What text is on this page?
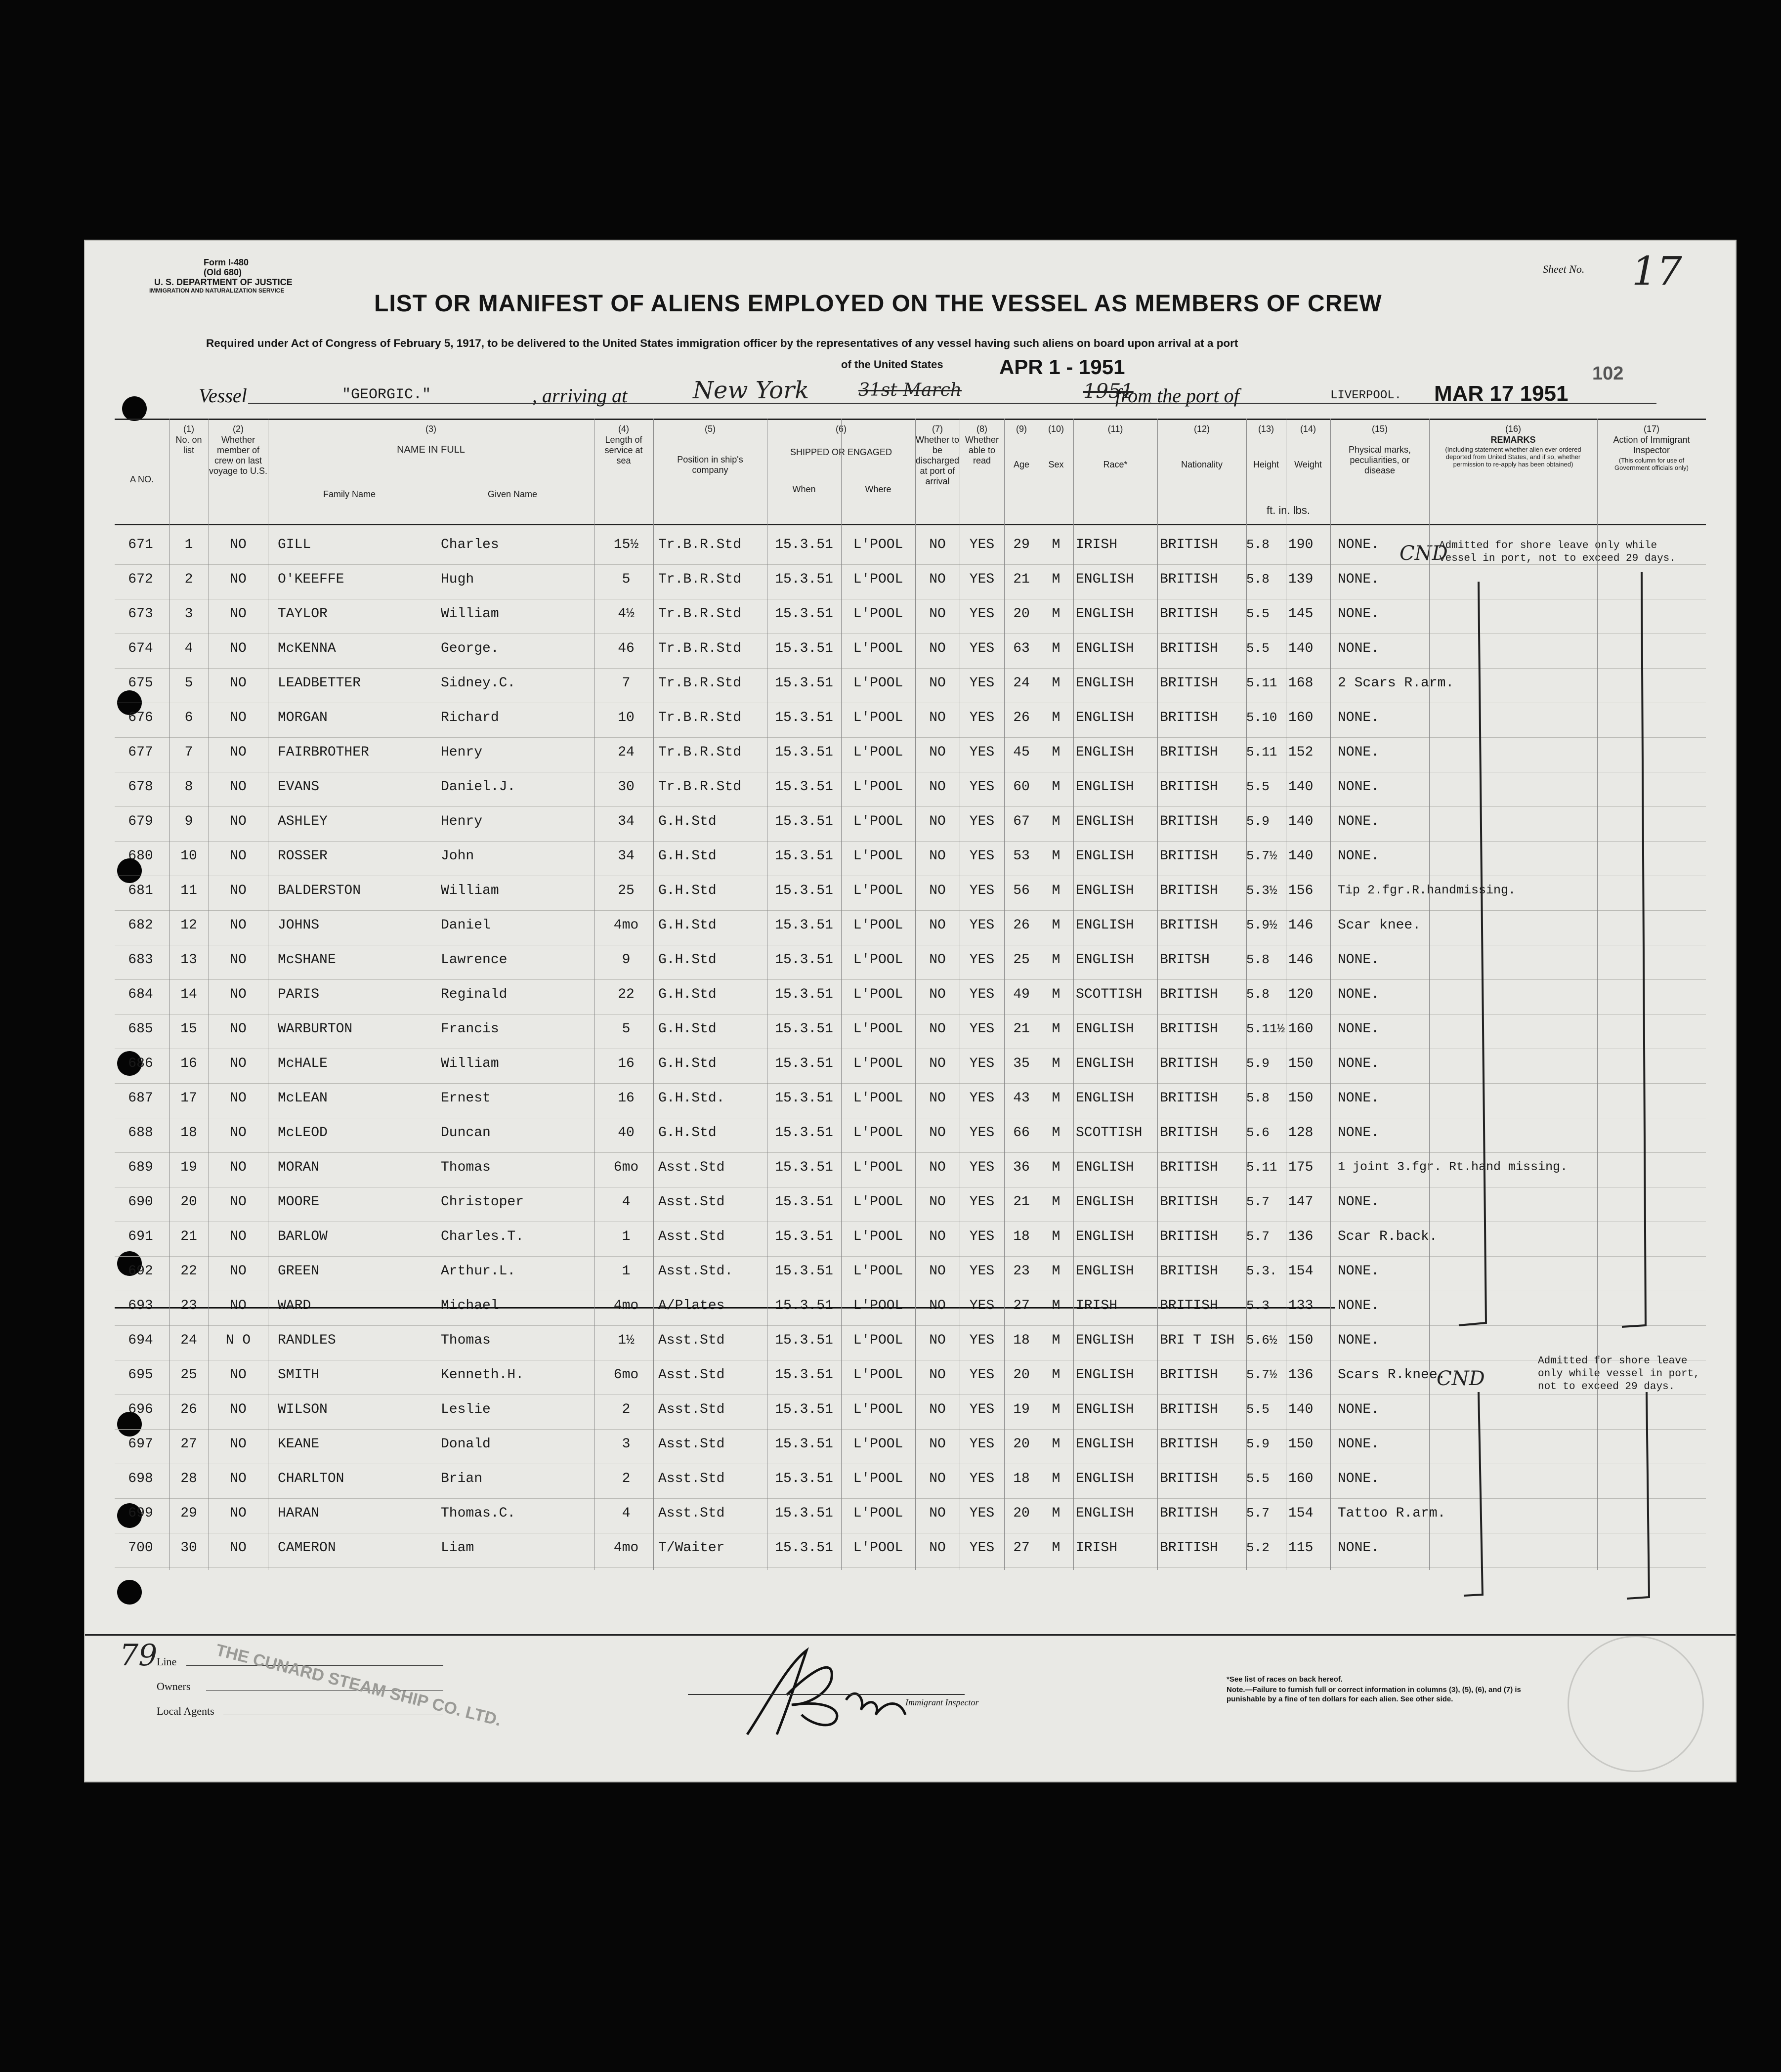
Form I-480
(Old 680)
U. S. DEPARTMENT OF JUSTICE
IMMIGRATION AND NATURALIZATION SERVICE
Sheet No. 17
LIST OR MANIFEST OF ALIENS EMPLOYED ON THE VESSEL AS MEMBERS OF CREW
Required under Act of Congress of February 5, 1917, to be delivered to the United States immigration officer by the representatives of any vessel having such aliens on board upon arrival at a port
of the United States	APR 1 - 1951	102
Vessel	"GEORGIC."	, arriving at	New York	31st March	1951
from the port of	LIVERPOOL. MAR 17 1951
A NO.
(1)
No. on list
(2)
Whether member of crew on last voyage to U.S.
(3)
NAME IN FULL
Family Name	Given Name
(4)
Length of service at sea
(5)
Position in ship's company
(6)
SHIPPED OR ENGAGED
When	Where
(7)
Whether to be discharged at port of arrival
(8)
Whether able to read
(9)
Age
(10)
Sex
(11)
Race*
(12)
Nationality
(13)
Height
(14)
Weight
ft. in. lbs.
(15)
Physical marks, peculiarities, or disease
(16)
REMARKS
(Including statement whether alien ever ordered deported from United States, and if so, whether permission to re-apply has been obtained)
(17)
Action of Immigrant Inspector
(This column for use of Government officials only)
671	1	NO	GILL	Charles	15½	Tr.B.R.Std	15.3.51	L'POOL	NO	YES	29	M	IRISH	BRITISH	5.8	190	NONE.
672	2	NO	O'KEEFFE	Hugh	5	Tr.B.R.Std	15.3.51	L'POOL	NO	YES	21	M	ENGLISH	BRITISH	5.8	139	NONE.
673	3	NO	TAYLOR	William	4½	Tr.B.R.Std	15.3.51	L'POOL	NO	YES	20	M	ENGLISH	BRITISH	5.5	145	NONE.
674	4	NO	McKENNA	George.	46	Tr.B.R.Std	15.3.51	L'POOL	NO	YES	63	M	ENGLISH	BRITISH	5.5	140	NONE.
675	5	NO	LEADBETTER	Sidney.C.	7	Tr.B.R.Std	15.3.51	L'POOL	NO	YES	24	M	ENGLISH	BRITISH	5.11 168	2 Scars R.arm.
676	6	NO	MORGAN	Richard	10	Tr.B.R.Std	15.3.51	L'POOL	NO	YES	26	M	ENGLISH	BRITISH	5.10 160	NONE.
677	7	NO	FAIRBROTHER	Henry	24	Tr.B.R.Std	15.3.51	L'POOL	NO	YES	45	M	ENGLISH	BRITISH	5.11 152	NONE.
678	8	NO	EVANS	Daniel.J.	30	Tr.B.R.Std	15.3.51	L'POOL	NO	YES	60	M	ENGLISH	BRITISH	5.5	140	NONE.
679	9	NO	ASHLEY	Henry	34	G.H.Std	15.3.51	L'POOL	NO	YES	67	M	ENGLISH	BRITISH	5.9	140	NONE.
680	10	NO	ROSSER	John	34	G.H.Std	15.3.51	L'POOL	NO	YES	53	M	ENGLISH	BRITISH	5.7½ 140	NONE.
681	11	NO	BALDERSTON	William	25	G.H.Std	15.3.51	L'POOL	NO	YES	56	M	ENGLISH	BRITISH	5.3½ 156	Tip 2.fgr.R.handmissing.
682	12	NO	JOHNS	Daniel	4mo	G.H.Std	15.3.51	L'POOL	NO	YES	26	M	ENGLISH	BRITISH	5.9½ 146	Scar knee.
683	13	NO	McSHANE	Lawrence	9	G.H.Std	15.3.51	L'POOL	NO	YES	25	M	ENGLISH	BRITSH	5.8	146	NONE.
684	14	NO	PARIS	Reginald	22	G.H.Std	15.3.51	L'POOL	NO	YES	49	M	SCOTTISH	BRITISH	5.8	120	NONE.
685	15	NO	WARBURTON	Francis	5	G.H.Std	15.3.51	L'POOL	NO	YES	21	M	ENGLISH	BRITISH	5.11½ 160	NONE.
686	16	NO	McHALE	William	16	G.H.Std	15.3.51	L'POOL	NO	YES	35	M	ENGLISH	BRITISH	5.9	150	NONE.
687	17	NO	McLEAN	Ernest	16	G.H.Std.	15.3.51	L'POOL	NO	YES	43	M	ENGLISH	BRITISH	5.8	150	NONE.
688	18	NO	McLEOD	Duncan	40	G.H.Std	15.3.51	L'POOL	NO	YES	66	M	SCOTTISH	BRITISH	5.6	128	NONE.
689	19	NO	MORAN	Thomas	6mo	Asst.Std	15.3.51	L'POOL	NO	YES	36	M	ENGLISH	BRITISH	5.11 175	1 joint 3.fgr. Rt.hand missing.
690	20	NO	MOORE	Christoper	4	Asst.Std	15.3.51	L'POOL	NO	YES	21	M	ENGLISH	BRITISH	5.7	147	NONE.
691	21	NO	BARLOW	Charles.T.	1	Asst.Std	15.3.51	L'POOL	NO	YES	18	M	ENGLISH	BRITISH	5.7	136	Scar R.back.
692	22	NO	GREEN	Arthur.L.	1	Asst.Std.	15.3.51	L'POOL	NO	YES	23	M	ENGLISH	BRITISH	5.3. 154	NONE.
693	23	NO	WARD	Michael	4mo	A/Plates	15.3.51	L'POOL	NO	YES	27	M	IRISH	BRITISH	5.3	133	NONE.
694	24	N O	RANDLES	Thomas	1½	Asst.Std	15.3.51	L'POOL	NO	YES	18	M	ENGLISH	BRI T ISH 5.6½ 150	NONE.
695	25	NO	SMITH	Kenneth.H.	6mo	Asst.Std	15.3.51	L'POOL	NO	YES	20	M	ENGLISH	BRITISH	5.7½ 136	Scars R.knee.
696	26	NO	WILSON	Leslie	2	Asst.Std	15.3.51	L'POOL	NO	YES	19	M	ENGLISH	BRITISH	5.5	140	NONE.
697	27	NO	KEANE	Donald	3	Asst.Std	15.3.51	L'POOL	NO	YES	20	M	ENGLISH	BRITISH	5.9	150	NONE.
698	28	NO	CHARLTON	Brian	2	Asst.Std	15.3.51	L'POOL	NO	YES	18	M	ENGLISH	BRITISH	5.5	160	NONE.
699	29	NO	HARAN	Thomas.C.	4	Asst.Std	15.3.51	L'POOL	NO	YES	20	M	ENGLISH	BRITISH	5.7	154	Tattoo R.arm.
700	30	NO	CAMERON	Liam	4mo	T/Waiter	15.3.51	L'POOL	NO	YES	27	M	IRISH	BRITISH	5.2	115	NONE.
Admitted for shore leave only while vessel in port, not to exceed 29 days.
CND
Admitted for shore leave only while vessel in port, not to exceed 29 days.
CND
79
Line
Owners
Local Agents THE CUNARD STEAM SHIP CO. LTD.	Immigrant Inspector
*See list of races on back hereof.
Note.—Failure to furnish full or correct information in columns (3), (5), (6), and (7) is punishable by a fine of ten dollars for each alien. See other side.
